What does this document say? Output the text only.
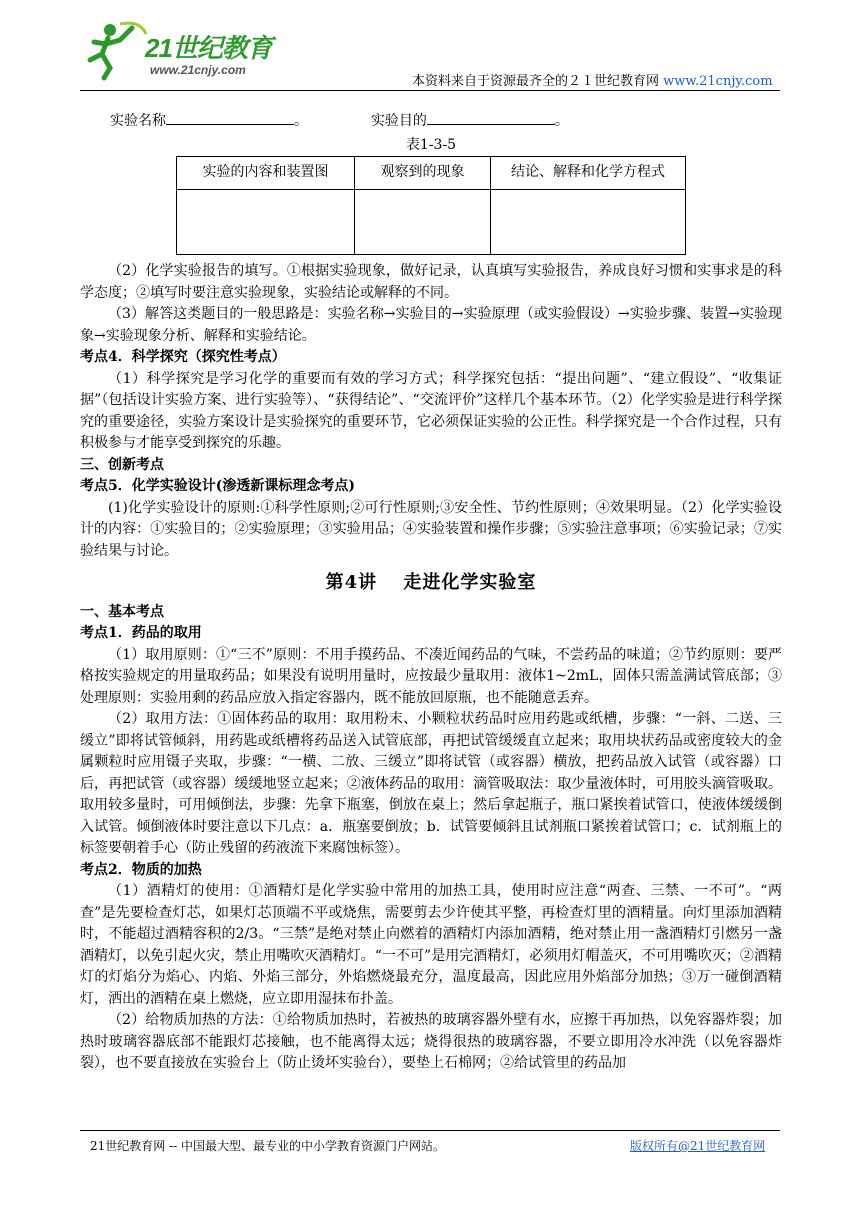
21世纪教育
www.21cnjy.com
本资料来自于资源最齐全的２１世纪教育网 www.21cnjy.com

实验名称	。	实验目的	。

表1-3-5
实验的内容和装置图	观察到的现象	结论、解释和化学方程式

（2）化学实验报告的填写。①根据实验现象，做好记录，认真填写实验报告，养成良好习惯和实事求是的科学态度；②填写时要注意实验现象，实验结论或解释的不同。

（3）解答这类题目的一般思路是：实验名称→实验目的→实验原理（或实验假设）→实验步骤、装置→实验现象→实验现象分析、解释和实验结论。

考点4．科学探究（探究性考点）

（1）科学探究是学习化学的重要而有效的学习方式；科学探究包括：“提出问题”、“建立假设”、“收集证据”（包括设计实验方案、进行实验等）、“获得结论”、“交流评价”这样几个基本环节。（2）化学实验是进行科学探究的重要途径，实验方案设计是实验探究的重要环节，它必须保证实验的公正性。科学探究是一个合作过程，只有积极参与才能享受到探究的乐趣。

三、创新考点

考点5．化学实验设计(渗透新课标理念考点)

(1)化学实验设计的原则:①科学性原则;②可行性原则;③安全性、节约性原则；④效果明显。（2）化学实验设计的内容：①实验目的；②实验原理；③实验用品；④实验装置和操作步骤；⑤实验注意事项；⑥实验记录；⑦实验结果与讨论。

第4讲　 走进化学实验室

一、基本考点

考点1．药品的取用

（1）取用原则：①“三不”原则：不用手摸药品、不凑近闻药品的气味，不尝药品的味道；②节约原则：要严格按实验规定的用量取药品；如果没有说明用量时，应按最少量取用：液体1~2mL，固体只需盖满试管底部；③处理原则：实验用剩的药品应放入指定容器内，既不能放回原瓶，也不能随意丢弃。

（2）取用方法：①固体药品的取用：取用粉末、小颗粒状药品时应用药匙或纸槽，步骤：“一斜、二送、三缓立”即将试管倾斜，用药匙或纸槽将药品送入试管底部，再把试管缓缓直立起来；取用块状药品或密度较大的金属颗粒时应用镊子夹取，步骤：“一横、二放、三缓立”即将试管（或容器）横放，把药品放入试管（或容器）口后，再把试管（或容器）缓缓地竖立起来；②液体药品的取用：滴管吸取法：取少量液体时，可用胶头滴管吸取。取用较多量时，可用倾倒法，步骤：先拿下瓶塞，倒放在桌上；然后拿起瓶子，瓶口紧挨着试管口，使液体缓缓倒入试管。倾倒液体时要注意以下几点：a．瓶塞要倒放；b．试管要倾斜且试剂瓶口紧挨着试管口；c．试剂瓶上的标签要朝着手心（防止残留的药液流下来腐蚀标签）。

考点2．物质的加热

（1）酒精灯的使用：①酒精灯是化学实验中常用的加热工具，使用时应注意“两查、三禁、一不可”。“两查”是先要检查灯芯，如果灯芯顶端不平或烧焦，需要剪去少许使其平整，再检查灯里的酒精量。向灯里添加酒精时，不能超过酒精容积的2/3。“三禁”是绝对禁止向燃着的酒精灯内添加酒精，绝对禁止用一盏酒精灯引燃另一盏酒精灯，以免引起火灾，禁止用嘴吹灭酒精灯。“一不可”是用完酒精灯，必须用灯帽盖灭，不可用嘴吹灭；②酒精灯的灯焰分为焰心、内焰、外焰三部分，外焰燃烧最充分，温度最高，因此应用外焰部分加热；③万一碰倒酒精灯，洒出的酒精在桌上燃烧，应立即用湿抹布扑盖。

（2）给物质加热的方法：①给物质加热时，若被热的玻璃容器外壁有水，应擦干再加热，以免容器炸裂；加热时玻璃容器底部不能跟灯芯接触，也不能离得太远；烧得很热的玻璃容器，不要立即用冷水冲洗（以免容器炸裂），也不要直接放在实验台上（防止烫坏实验台），要垫上石棉网；②给试管里的药品加

21世纪教育网 -- 中国最大型、最专业的中小学教育资源门户网站。	版权所有@21世纪教育网
